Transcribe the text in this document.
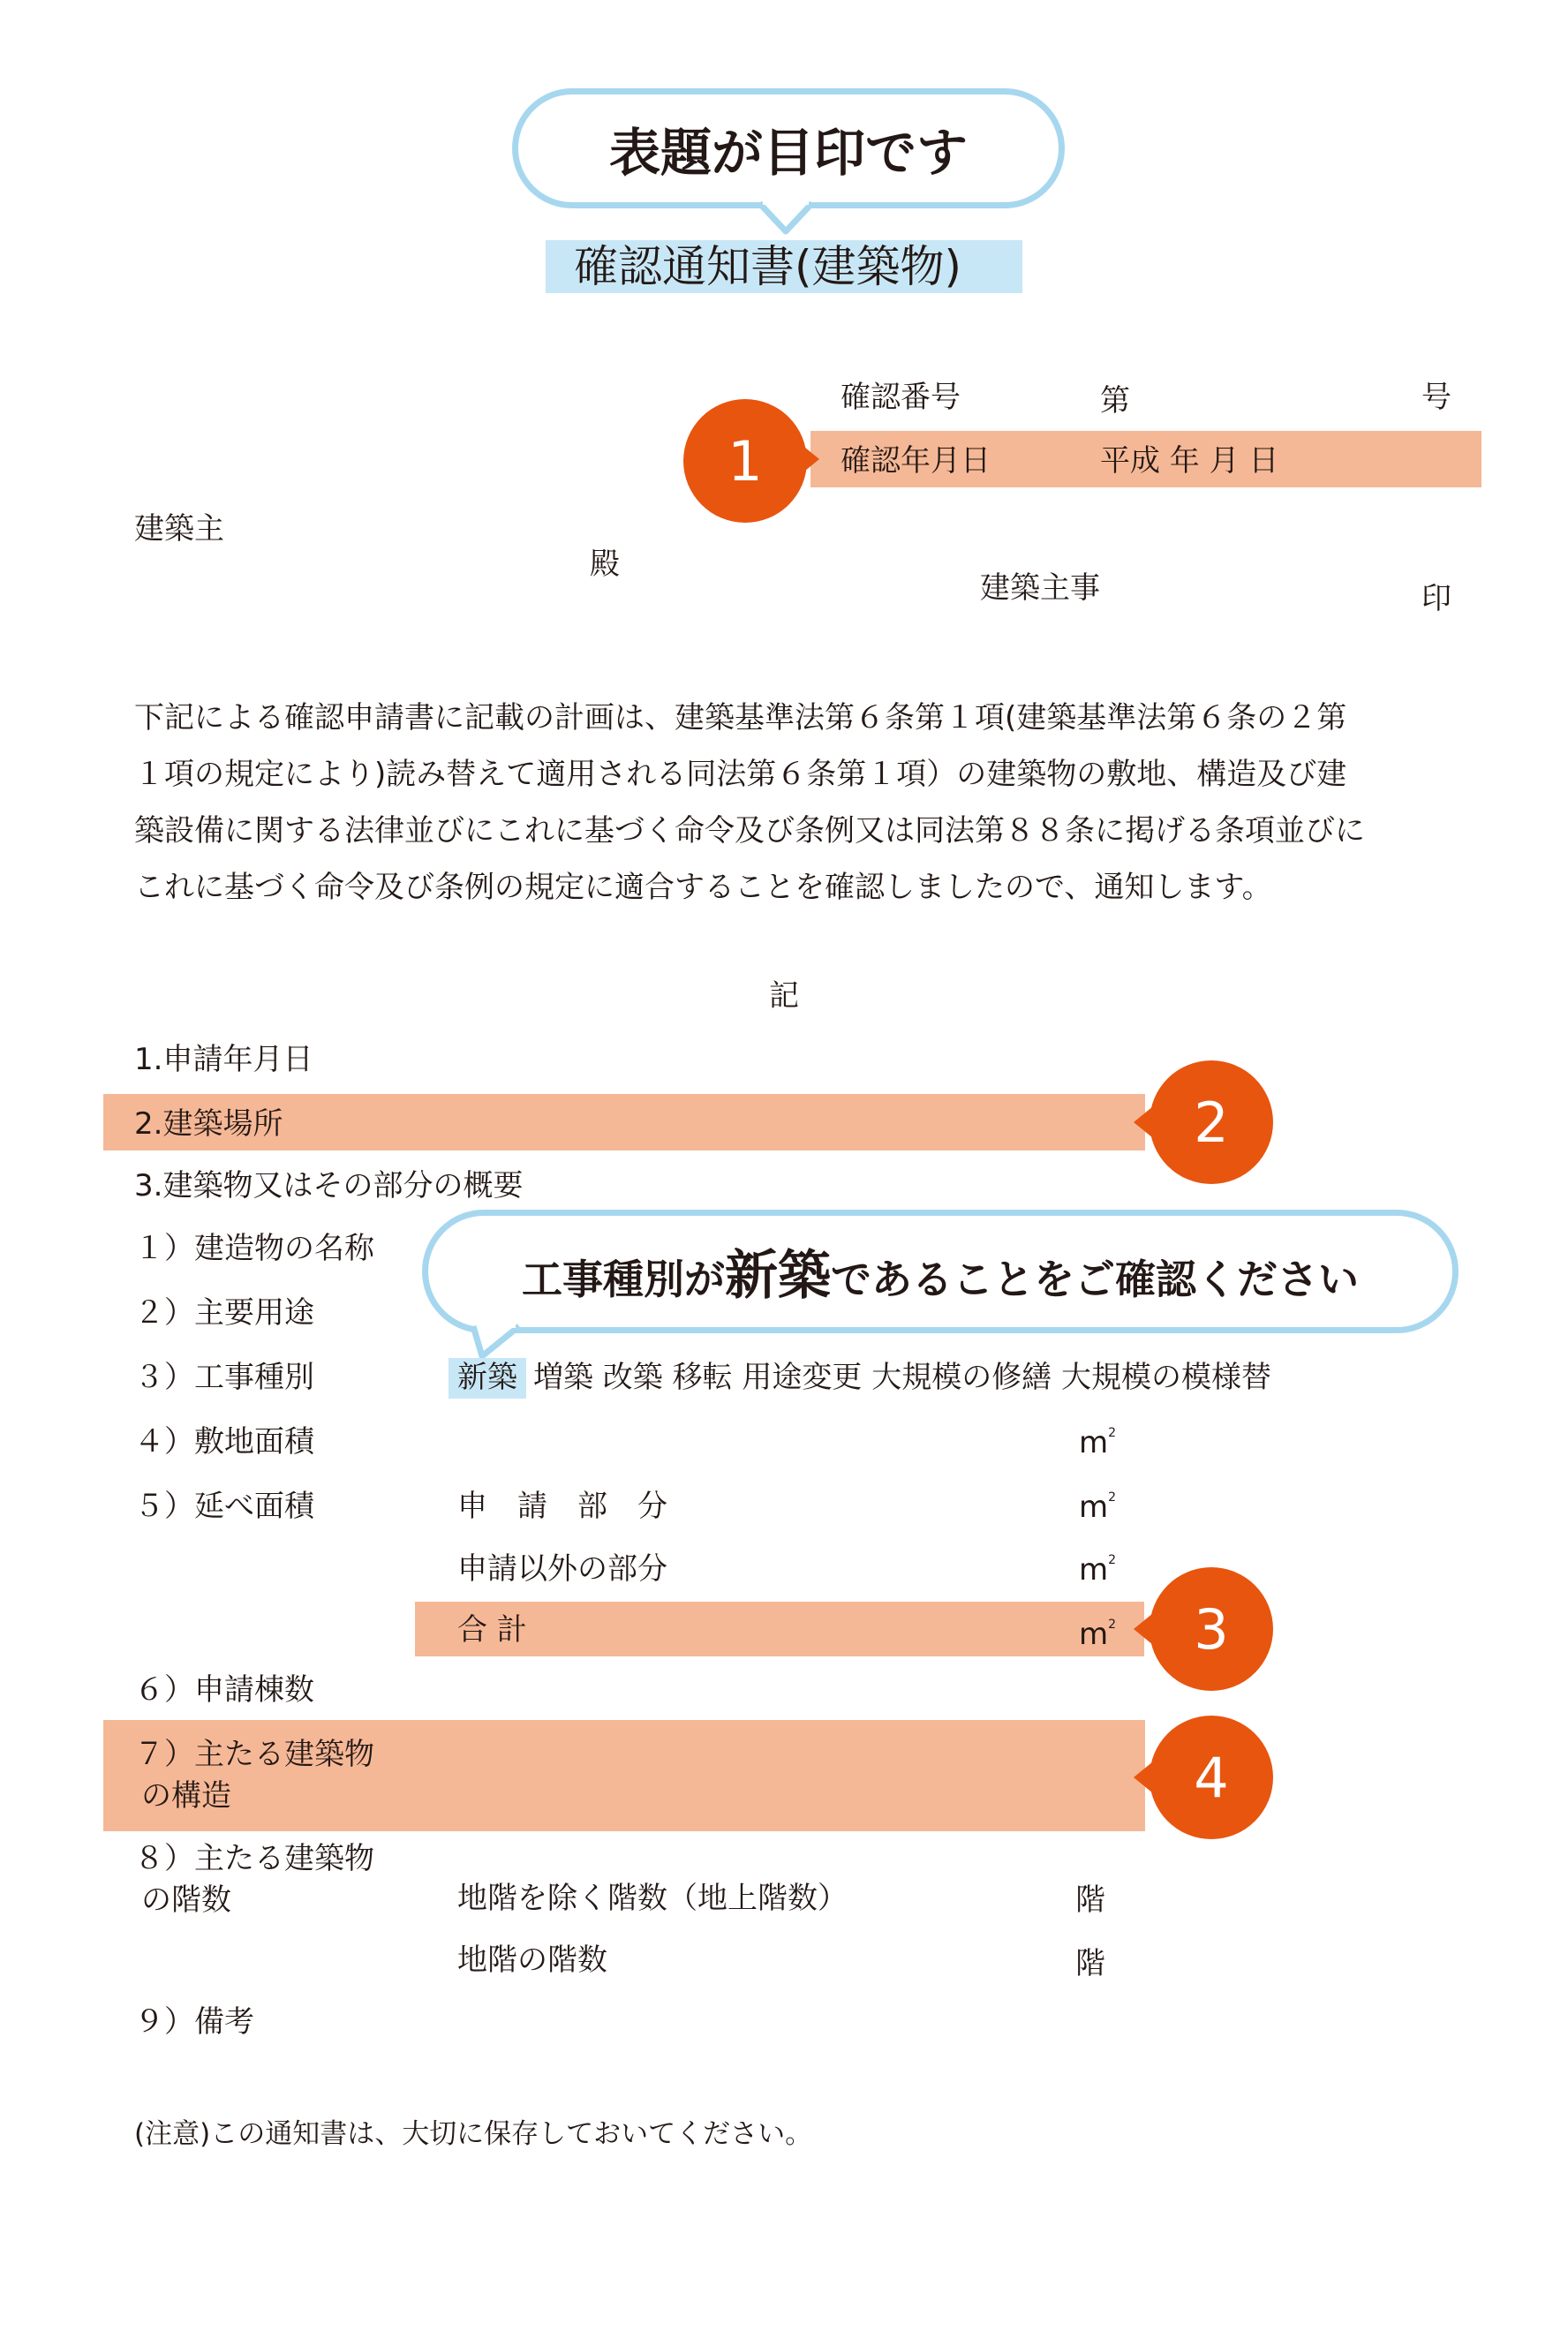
表題が目印です
確認通知書(建築物)
確認番号	第	号
確認年月日	平成 年 月 日
1
建築主
殿
建築主事	印
下記による確認申請書に記載の計画は、建築基準法第６条第１項(建築基準法第６条の２第
１項の規定により)読み替えて適用される同法第６条第１項）の建築物の敷地、構造及び建
築設備に関する法律並びにこれに基づく命令及び条例又は同法第８８条に掲げる条項並びに
これに基づく命令及び条例の規定に適合することを確認しましたので、通知します。
記
1.申請年月日
2.建築場所	2
3.建築物又はその部分の概要
１）建造物の名称
２）主要用途
工事種別が新築であることをご確認ください
３）工事種別	新築 増築 改築 移転 用途変更 大規模の修繕 大規模の模様替
４）敷地面積	$m^2$
５）延べ面積	申　請　部　分	$m^2$
申請以外の部分	$m^2$
合 計	$m^2$ 3
６）申請棟数
７）主たる建築物
の構造	4
８）主たる建築物
の階数	地階を除く階数（地上階数）	階
地階の階数	階
９）備考
(注意)この通知書は、大切に保存しておいてください。
